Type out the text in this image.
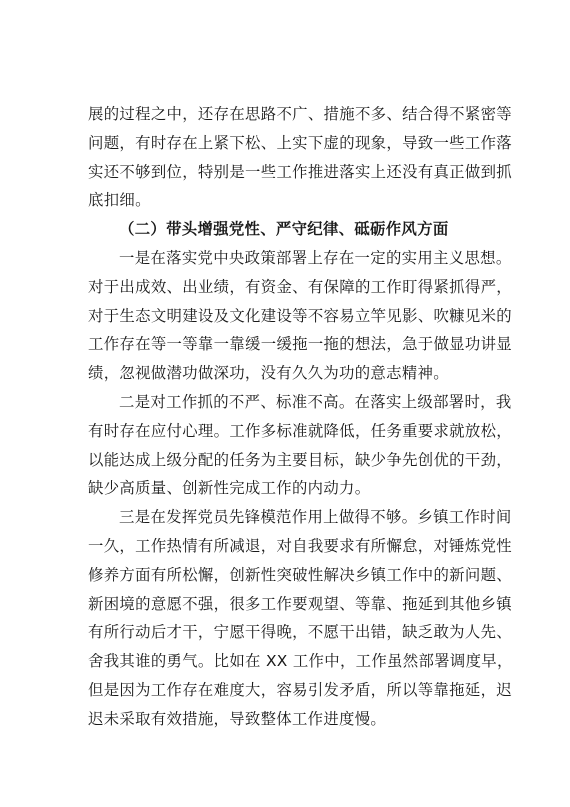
展 的 过 程 之 中 ， 还 存 在 思 路 不 广 、 措 施 不 多 、 结 合 得 不 紧 密 等
问 题 ， 有 时 存 在 上 紧 下 松 、 上 实 下 虚 的 现 象 ， 导 致 一 些 工 作 落
实 还 不 够 到 位 ， 特 别 是 一 些 工 作 推 进 落 实 上 还 没 有 真 正 做 到 抓
底扣细。
（二）带头增强党性、严守纪律、砥砺作风方面
一 是 在 落 实 党 中 央 政 策 部 署 上 存 在 一 定 的 实 用 主 义 思 想 。
对 于 出 成 效 、 出 业 绩 ， 有 资 金 、 有 保 障 的 工 作 盯 得 紧 抓 得 严 ，
对 于 生 态 文 明 建 设 及 文 化 建 设 等 不 容 易 立 竿 见 影 、 吹 糠 见 米 的
工 作 存 在 等 一 等 靠 一 靠 缓 一 缓 拖 一 拖 的 想 法 ， 急 于 做 显 功 讲 显
绩，忽视做潜功做深功，没有久久为功的意志精神。
二 是 对 工 作 抓 的 不 严 、 标 准 不 高 。 在 落 实 上 级 部 署 时 ， 我
有 时 存 在 应 付 心 理 。 工 作 多 标 准 就 降 低 ， 任 务 重 要 求 就 放 松 ，
以 能 达 成 上 级 分 配 的 任 务 为 主 要 目 标 ， 缺 少 争 先 创 优 的 干 劲 ，
缺少高质量、创新性完成工作的内动力。
三 是 在 发 挥 党 员 先 锋 模 范 作 用 上 做 得 不 够 。 乡 镇 工 作 时 间
一 久 ， 工 作 热 情 有 所 减 退 ， 对 自 我 要 求 有 所 懈 怠 ， 对 锤 炼 党 性
修 养 方 面 有 所 松 懈 ， 创 新 性 突 破 性 解 决 乡 镇 工 作 中 的 新 问 题 、
新 困 境 的 意 愿 不 强 ， 很 多 工 作 要 观 望 、 等 靠 、 拖 延 到 其 他 乡 镇
有 所 行 动 后 才 干 ， 宁 愿 干 得 晚 ， 不 愿 干 出 错 ， 缺 乏 敢 为 人 先 、
舍 我 其 谁 的 勇 气 。 比 如 在
X X
工 作 中 ， 工 作 虽 然 部 署 调 度 早 ，
但 是 因 为 工 作 存 在 难 度 大 ， 容 易 引 发 矛 盾 ， 所 以 等 靠 拖 延 ， 迟
迟未采取有效措施，导致整体工作进度慢。
